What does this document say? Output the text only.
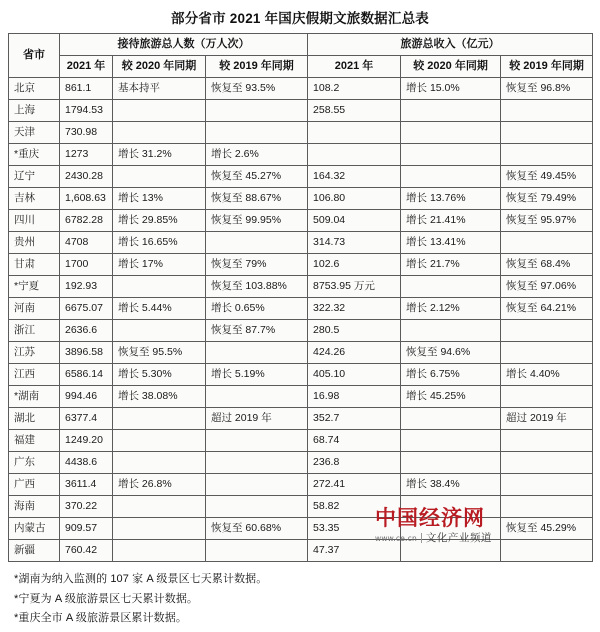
部分省市 2021 年国庆假期文旅数据汇总表
省市	接待旅游总人数（万人次）			旅游总收入（亿元）		
	2021 年	较 2020 年同期	较 2019 年同期	2021 年	较 2020 年同期	较 2019 年同期
北京	861.1	基本持平	恢复至 93.5%	108.2	增长 15.0%	恢复至 96.8%
上海	1794.53			258.55		
天津	730.98					
*重庆	1273	增长 31.2%	增长 2.6%			
辽宁	2430.28		恢复至 45.27%	164.32		恢复至 49.45%
吉林	1,608.63	增长 13%	恢复至 88.67%	106.80	增长 13.76%	恢复至 79.49%
四川	6782.28	增长 29.85%	恢复至 99.95%	509.04	增长 21.41%	恢复至 95.97%
贵州	4708	增长 16.65%		314.73	增长 13.41%	
甘肃	1700	增长 17%	恢复至 79%	102.6	增长 21.7%	恢复至 68.4%
*宁夏	192.93		恢复至 103.88%	8753.95 万元		恢复至 97.06%
河南	6675.07	增长 5.44%	增长 0.65%	322.32	增长 2.12%	恢复至 64.21%
浙江	2636.6		恢复至 87.7%	280.5		
江苏	3896.58	恢复至 95.5%		424.26	恢复至 94.6%	
江西	6586.14	增长 5.30%	增长 5.19%	405.10	增长 6.75%	增长 4.40%
*湖南	994.46	增长 38.08%		16.98	增长 45.25%	
湖北	6377.4		超过 2019 年	352.7		超过 2019 年
福建	1249.20			68.74		
广东	4438.6			236.8		
广西	3611.4	增长 26.8%		272.41	增长 38.4%	
海南	370.22			58.82		
内蒙古	909.57		恢复至 60.68%	53.35		恢复至 45.29%
新疆	760.42			47.37		
*湖南为纳入监测的 107 家 A 级景区七天累计数据。
*宁夏为 A 级旅游景区七天累计数据。
*重庆全市 A 级旅游景区累计数据。
中国经济网
www.ce.cn 文化产业频道
